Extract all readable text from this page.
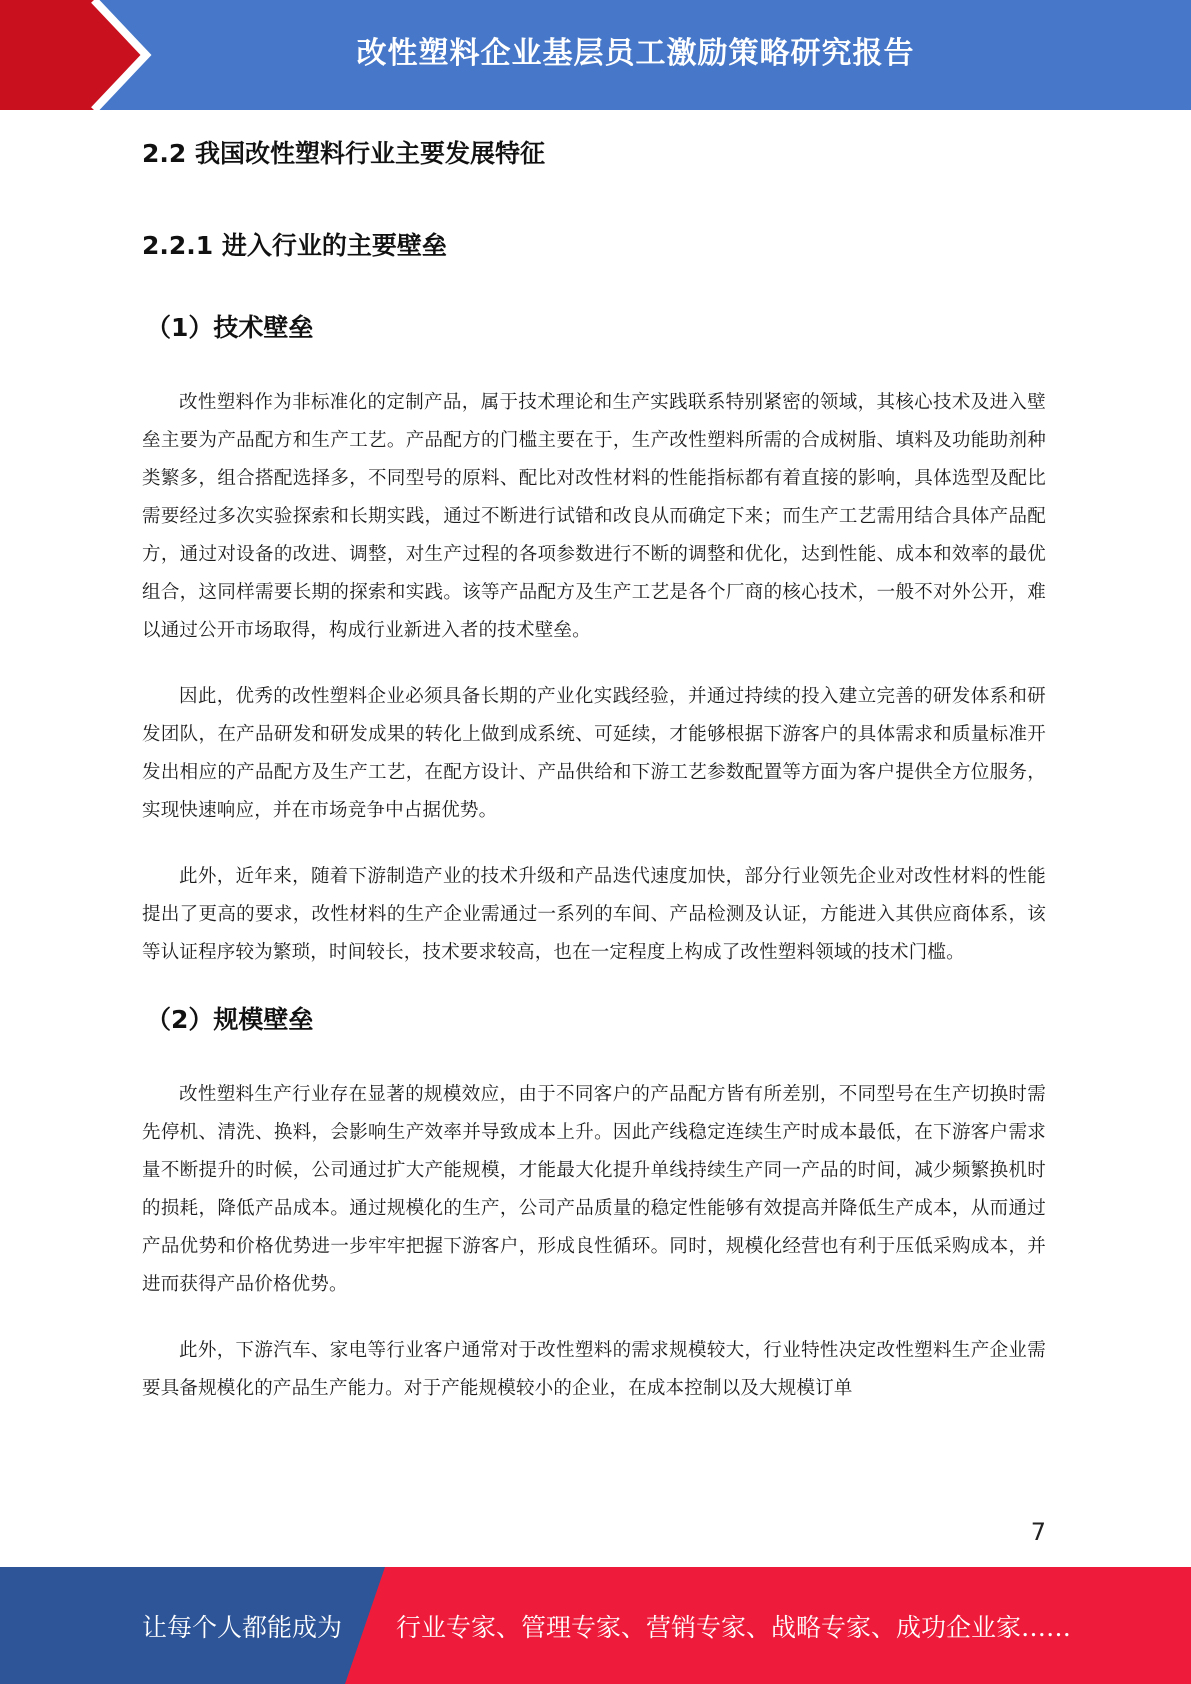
改性塑料企业基层员工激励策略研究报告
2.2 我国改性塑料行业主要发展特征
2.2.1 进入行业的主要壁垒
（1）技术壁垒

改性塑料作为非标准化的定制产品，属于技术理论和生产实践联系特别紧密的领域，其核心技术及进入壁垒主要为产品配方和生产工艺。产品配方的门槛主要在于，生产改性塑料所需的合成树脂、填料及功能助剂种类繁多，组合搭配选择多，不同型号的原料、配比对改性材料的性能指标都有着直接的影响，具体选型及配比需要经过多次实验探索和长期实践，通过不断进行试错和改良从而确定下来；而生产工艺需用结合具体产品配方，通过对设备的改进、调整，对生产过程的各项参数进行不断的调整和优化，达到性能、成本和效率的最优组合，这同样需要长期的探索和实践。该等产品配方及生产工艺是各个厂商的核心技术，一般不对外公开，难以通过公开市场取得，构成行业新进入者的技术壁垒。

因此，优秀的改性塑料企业必须具备长期的产业化实践经验，并通过持续的投入建立完善的研发体系和研发团队，在产品研发和研发成果的转化上做到成系统、可延续，才能够根据下游客户的具体需求和质量标准开发出相应的产品配方及生产工艺，在配方设计、产品供给和下游工艺参数配置等方面为客户提供全方位服务，实现快速响应，并在市场竞争中占据优势。

此外，近年来，随着下游制造产业的技术升级和产品迭代速度加快，部分行业领先企业对改性材料的性能提出了更高的要求，改性材料的生产企业需通过一系列的车间、产品检测及认证，方能进入其供应商体系，该等认证程序较为繁琐，时间较长，技术要求较高，也在一定程度上构成了改性塑料领域的技术门槛。

（2）规模壁垒

改性塑料生产行业存在显著的规模效应，由于不同客户的产品配方皆有所差别，不同型号在生产切换时需先停机、清洗、换料，会影响生产效率并导致成本上升。因此产线稳定连续生产时成本最低，在下游客户需求量不断提升的时候，公司通过扩大产能规模，才能最大化提升单线持续生产同一产品的时间，减少频繁换机时的损耗，降低产品成本。通过规模化的生产，公司产品质量的稳定性能够有效提高并降低生产成本，从而通过产品优势和价格优势进一步牢牢把握下游客户，形成良性循环。同时，规模化经营也有利于压低采购成本，并进而获得产品价格优势。

此外，下游汽车、家电等行业客户通常对于改性塑料的需求规模较大，行业特性决定改性塑料生产企业需要具备规模化的产品生产能力。对于产能规模较小的企业，在成本控制以及大规模订单

7
让每个人都能成为 行业专家、管理专家、营销专家、战略专家、成功企业家……
